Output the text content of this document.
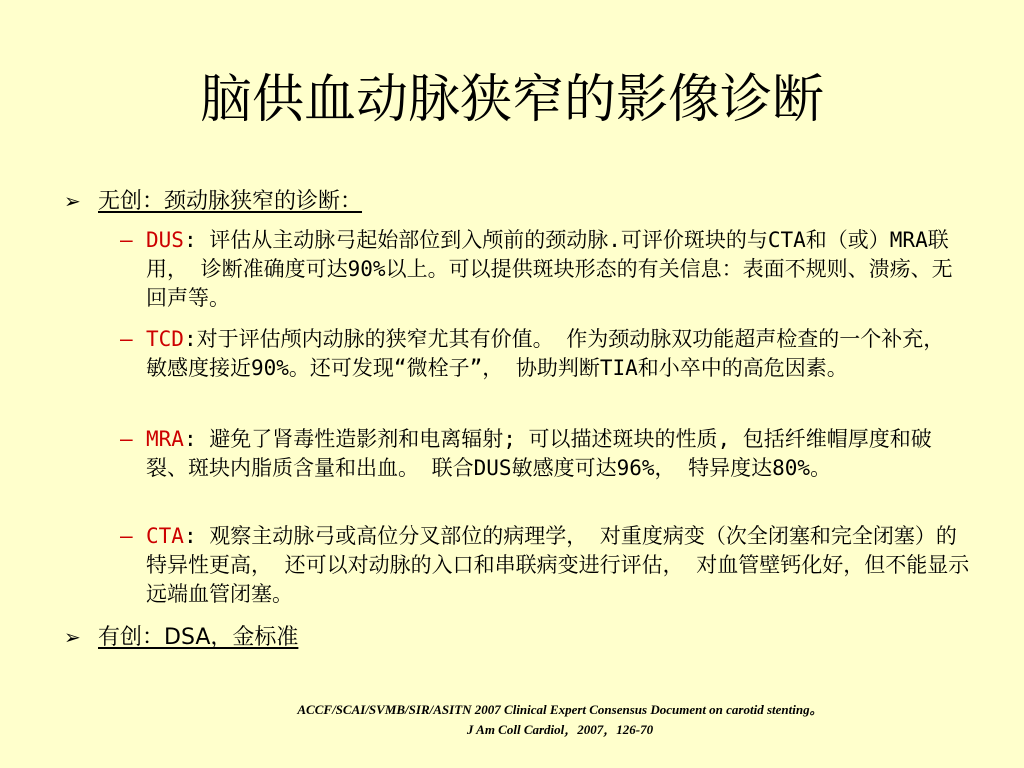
脑供血动脉狭窄的影像诊断
➢ 无创：颈动脉狭窄的诊断：
– DUS: 评估从主动脉弓起始部位到入颅前的颈动脉.可评价斑块的与CTA和（或）MRA联用， 诊断准确度可达90%以上。可以提供斑块形态的有关信息：表面不规则、溃疡、无回声等。
– TCD:对于评估颅内动脉的狭窄尤其有价值。 作为颈动脉双功能超声检查的一个补充， 敏感度接近90%。还可发现“微栓子”， 协助判断TIA和小卒中的高危因素。
– MRA: 避免了肾毒性造影剂和电离辐射; 可以描述斑块的性质, 包括纤维帽厚度和破裂、斑块内脂质含量和出血。 联合DUS敏感度可达96%， 特异度达80%。
– CTA: 观察主动脉弓或高位分叉部位的病理学， 对重度病变（次全闭塞和完全闭塞）的特异性更高， 还可以对动脉的入口和串联病变进行评估， 对血管壁钙化好，但不能显示远端血管闭塞。
➢ 有创：DSA，金标准
ACCF/SCAI/SVMB/SIR/ASITN 2007 Clinical Expert Consensus Document on carotid stenting。
J Am Coll Cardiol，2007，126-70
